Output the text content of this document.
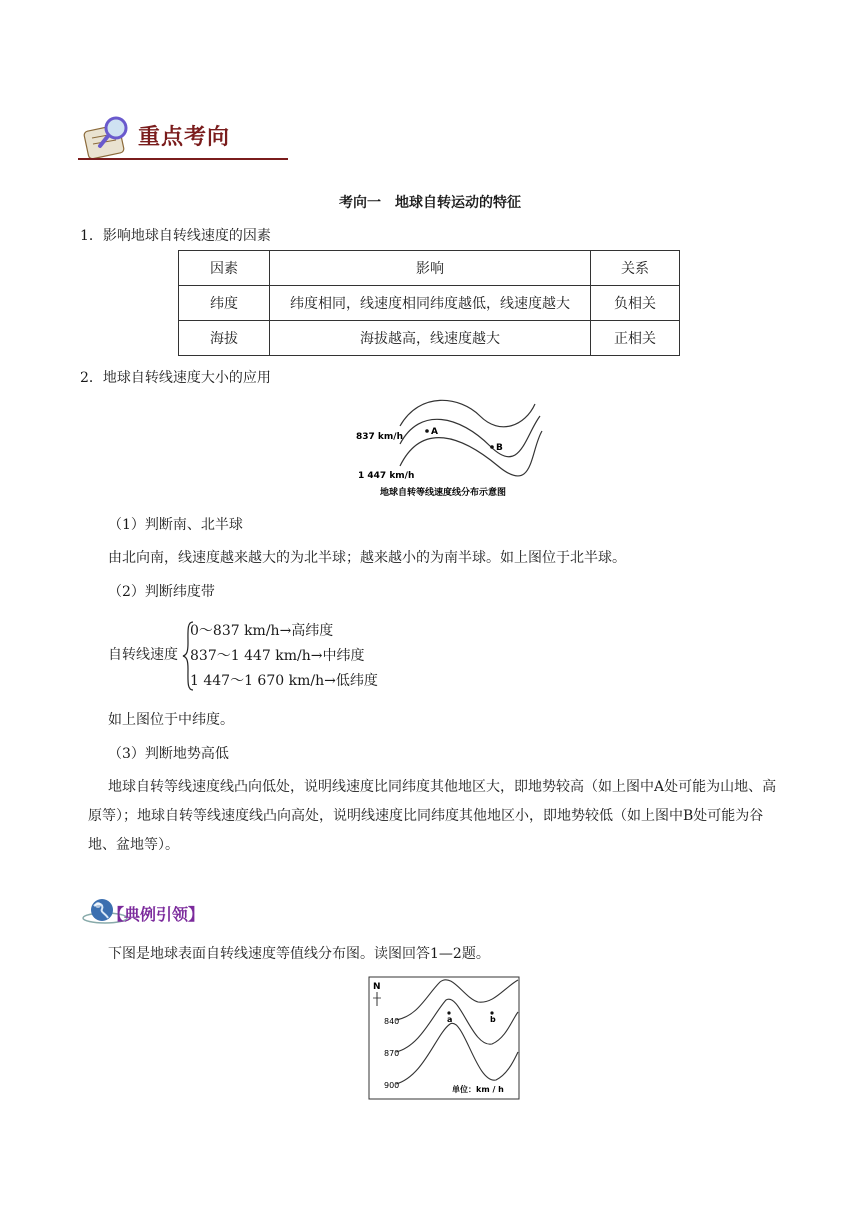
重点考向
考向一　地球自转运动的特征
1．影响地球自转线速度的因素
因素	影响	关系
纬度	纬度相同，线速度相同纬度越低，线速度越大	负相关
海拔	海拔越高，线速度越大	正相关
2．地球自转线速度大小的应用
837 km/h
1 447 km/h
A
B
地球自转等线速度线分布示意图
（1）判断南、北半球
由北向南，线速度越来越大的为北半球；越来越小的为南半球。如上图位于北半球。
（2）判断纬度带
自转线速度
0～837 km/h→高纬度
837～1 447 km/h→中纬度
1 447～1 670 km/h→低纬度
如上图位于中纬度。
（3）判断地势高低
地球自转等线速度线凸向低处，说明线速度比同纬度其他地区大，即地势较高（如上图中A处可能为山地、高原等）；地球自转等线速度线凸向高处，说明线速度比同纬度其他地区小，即地势较低（如上图中B处可能为谷地、盆地等）。
【典例引领】
下图是地球表面自转线速度等值线分布图。读图回答1—2题。
N
840
870
900
a	b
单位：km / h
